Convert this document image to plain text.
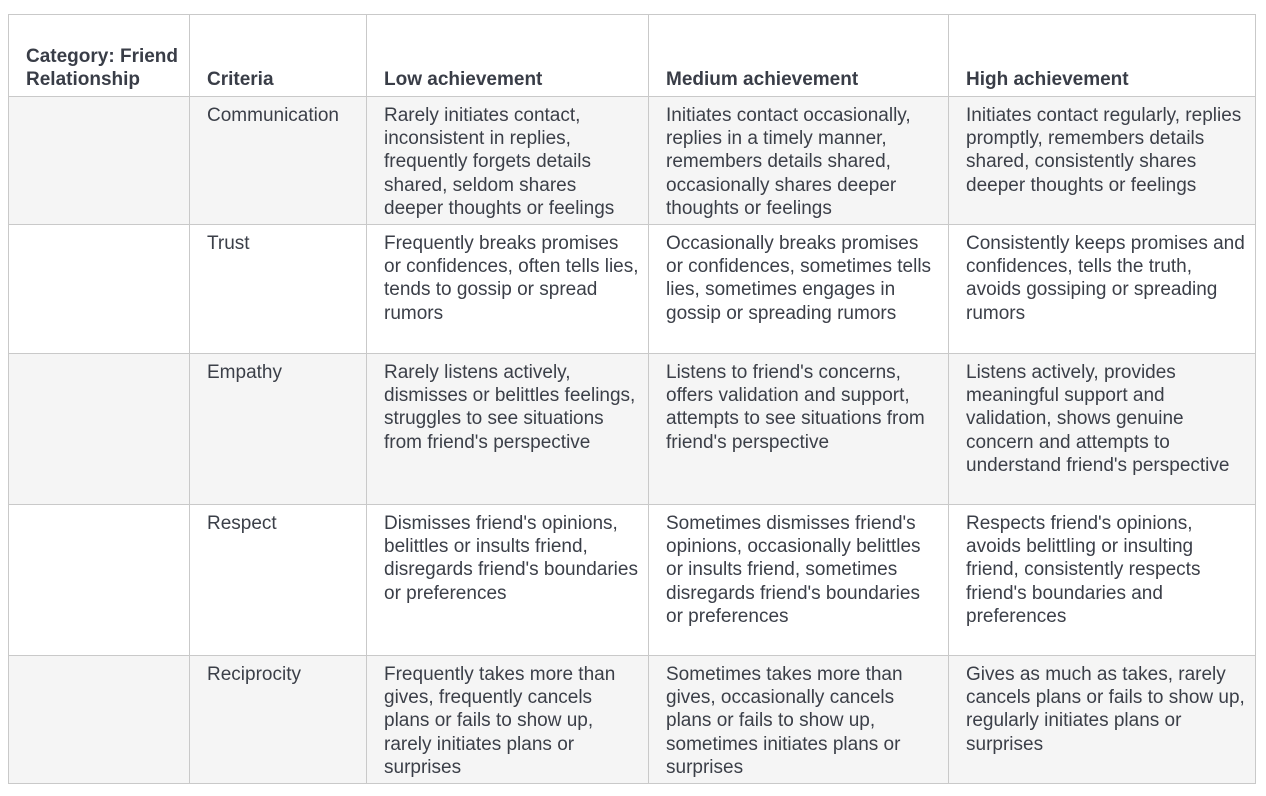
Category: Friend Relationship	Criteria	Low achievement	Medium achievement	High achievement
	Communication	Rarely initiates contact, inconsistent in replies, frequently forgets details shared, seldom shares deeper thoughts or feelings	Initiates contact occasionally, replies in a timely manner, remembers details shared, occasionally shares deeper thoughts or feelings	Initiates contact regularly, replies promptly, remembers details shared, consistently shares deeper thoughts or feelings
	Trust	Frequently breaks promises or confidences, often tells lies, tends to gossip or spread rumors	Occasionally breaks promises or confidences, sometimes tells lies, sometimes engages in gossip or spreading rumors	Consistently keeps promises and confidences, tells the truth, avoids gossiping or spreading rumors
	Empathy	Rarely listens actively, dismisses or belittles feelings, struggles to see situations from friend's perspective	Listens to friend's concerns, offers validation and support, attempts to see situations from friend's perspective	Listens actively, provides meaningful support and validation, shows genuine concern and attempts to understand friend's perspective
	Respect	Dismisses friend's opinions, belittles or insults friend, disregards friend's boundaries or preferences	Sometimes dismisses friend's opinions, occasionally belittles or insults friend, sometimes disregards friend's boundaries or preferences	Respects friend's opinions, avoids belittling or insulting friend, consistently respects friend's boundaries and preferences
	Reciprocity	Frequently takes more than gives, frequently cancels plans or fails to show up, rarely initiates plans or surprises	Sometimes takes more than gives, occasionally cancels plans or fails to show up, sometimes initiates plans or surprises	Gives as much as takes, rarely cancels plans or fails to show up, regularly initiates plans or surprises
